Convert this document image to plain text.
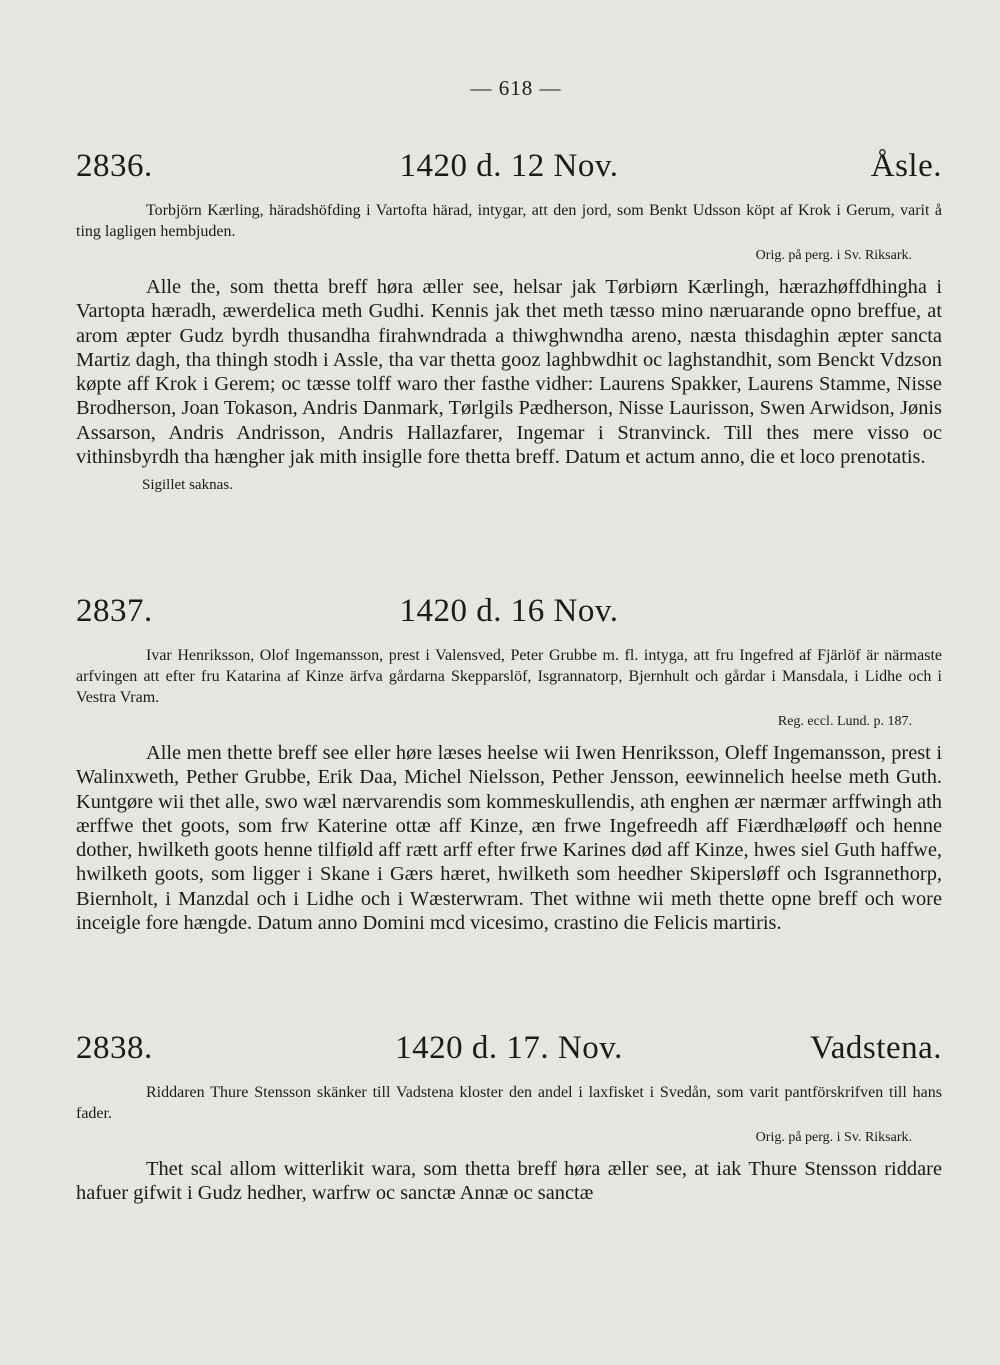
— 618 —
2836.	1420 d. 12 Nov.	Åsle.

Torbjörn Kærling, häradshöfding i Vartofta härad, intygar, att den jord, som Benkt Udsson köpt af Krok i Gerum, varit å ting lagligen hembjuden.

Orig. på perg. i Sv. Riksark.

Alle the, som thetta breff høra æller see, helsar jak Tørbiørn Kærlingh, hærazhøffdhingha i Vartopta hæradh, æwerdelica meth Gudhi. Kennis jak thet meth tæsso mino næruarande opno breffue, at arom æpter Gudz byrdh thusandha firahwndrada a thiwghwndha areno, næsta thisdaghin æpter sancta Martiz dagh, tha thingh stodh i Assle, tha var thetta gooz laghbwdhit oc laghstandhit, som Benckt Vdzson køpte aff Krok i Gerem; oc tæsse tolff waro ther fasthe vidher: Laurens Spakker, Laurens Stamme, Nisse Brodherson, Joan Tokason, Andris Danmark, Tørlgils Pædherson, Nisse Laurisson, Swen Arwidson, Jønis Assarson, Andris Andrisson, Andris Hallazfarer, Ingemar i Stranvinck. Till thes mere visso oc vithinsbyrdh tha hængher jak mith insiglle fore thetta breff. Datum et actum anno, die et loco prenotatis.

Sigillet saknas.

2837.	1420 d. 16 Nov.

Ivar Henriksson, Olof Ingemansson, prest i Valensved, Peter Grubbe m. fl. intyga, att fru Ingefred af Fjärlöf är närmaste arfvingen att efter fru Katarina af Kinze ärfva gårdarna Skepparslöf, Isgrannatorp, Bjernhult och gårdar i Mansdala, i Lidhe och i Vestra Vram.

Reg. eccl. Lund. p. 187.

Alle men thette breff see eller høre læses heelse wii Iwen Henriksson, Oleff Ingemansson, prest i Walinxweth, Pether Grubbe, Erik Daa, Michel Nielsson, Pether Jensson, eewinnelich heelse meth Guth. Kuntgøre wii thet alle, swo wæl nærvarendis som kommeskullendis, ath enghen ær nærmær arffwingh ath ærffwe thet goots, som frw Katerine ottæ aff Kinze, æn frwe Ingefreedh aff Fiærdhæløøff och henne dother, hwilketh goots henne tilfiøld aff rætt arff efter frwe Karines død aff Kinze, hwes siel Guth haffwe, hwilketh goots, som ligger i Skane i Gærs hæret, hwilketh som heedher Skipersløff och Isgrannethorp, Biernholt, i Manzdal och i Lidhe och i Wæsterwram. Thet withne wii meth thette opne breff och wore inceigle fore hængde. Datum anno Domini mcd vicesimo, crastino die Felicis martiris.

2838.	1420 d. 17. Nov.	Vadstena.

Riddaren Thure Stensson skänker till Vadstena kloster den andel i laxfisket i Svedån, som varit pantförskrifven till hans fader.

Orig. på perg. i Sv. Riksark.

Thet scal allom witterlikit wara, som thetta breff høra æller see, at iak Thure Stensson riddare hafuer gifwit i Gudz hedher, warfrw oc sanctæ Annæ oc sanctæ
